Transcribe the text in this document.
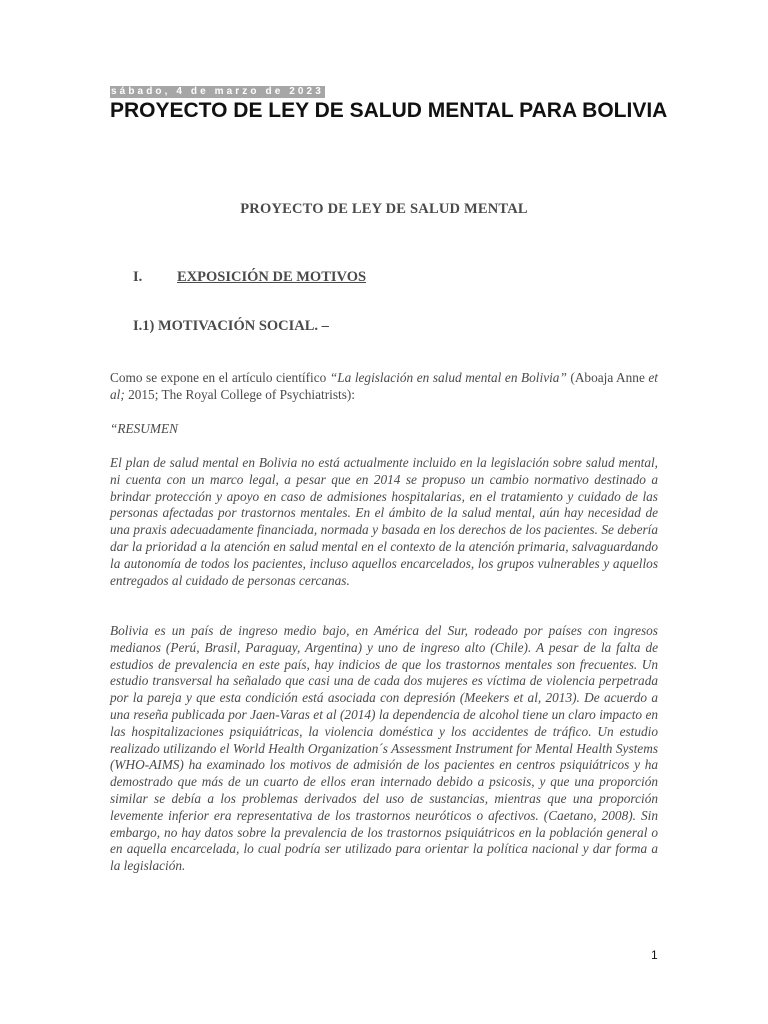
sábado, 4 de marzo de 2023
PROYECTO DE LEY DE SALUD MENTAL PARA BOLIVIA
PROYECTO DE LEY DE SALUD MENTAL
I. EXPOSICIÓN DE MOTIVOS
I.1) MOTIVACIÓN SOCIAL. –

Como se expone en el artículo científico “La legislación en salud mental en Bolivia” (Aboaja Anne et al; 2015; The Royal College of Psychiatrists):

“RESUMEN

El plan de salud mental en Bolivia no está actualmente incluido en la legislación sobre salud mental, ni cuenta con un marco legal, a pesar que en 2014 se propuso un cambio normativo destinado a brindar protección y apoyo en caso de admisiones hospitalarias, en el tratamiento y cuidado de las personas afectadas por trastornos mentales. En el ámbito de la salud mental, aún hay necesidad de una praxis adecuadamente financiada, normada y basada en los derechos de los pacientes. Se debería dar la prioridad a la atención en salud mental en el contexto de la atención primaria, salvaguardando la autonomía de todos los pacientes, incluso aquellos encarcelados, los grupos vulnerables y aquellos entregados al cuidado de personas cercanas.

Bolivia es un país de ingreso medio bajo, en América del Sur, rodeado por países con ingresos medianos (Perú, Brasil, Paraguay, Argentina) y uno de ingreso alto (Chile). A pesar de la falta de estudios de prevalencia en este país, hay indicios de que los trastornos mentales son frecuentes. Un estudio transversal ha señalado que casi una de cada dos mujeres es víctima de violencia perpetrada por la pareja y que esta condición está asociada con depresión (Meekers et al, 2013). De acuerdo a una reseña publicada por Jaen-Varas et al (2014) la dependencia de alcohol tiene un claro impacto en las hospitalizaciones psiquiátricas, la violencia doméstica y los accidentes de tráfico. Un estudio realizado utilizando el World Health Organization´s Assessment Instrument for Mental Health Systems (WHO-AIMS) ha examinado los motivos de admisión de los pacientes en centros psiquiátricos y ha demostrado que más de un cuarto de ellos eran internado debido a psicosis, y que una proporción similar se debía a los problemas derivados del uso de sustancias, mientras que una proporción levemente inferior era representativa de los trastornos neuróticos o afectivos. (Caetano, 2008). Sin embargo, no hay datos sobre la prevalencia de los trastornos psiquiátricos en la población general o en aquella encarcelada, lo cual podría ser utilizado para orientar la política nacional y dar forma a la legislación.

1
